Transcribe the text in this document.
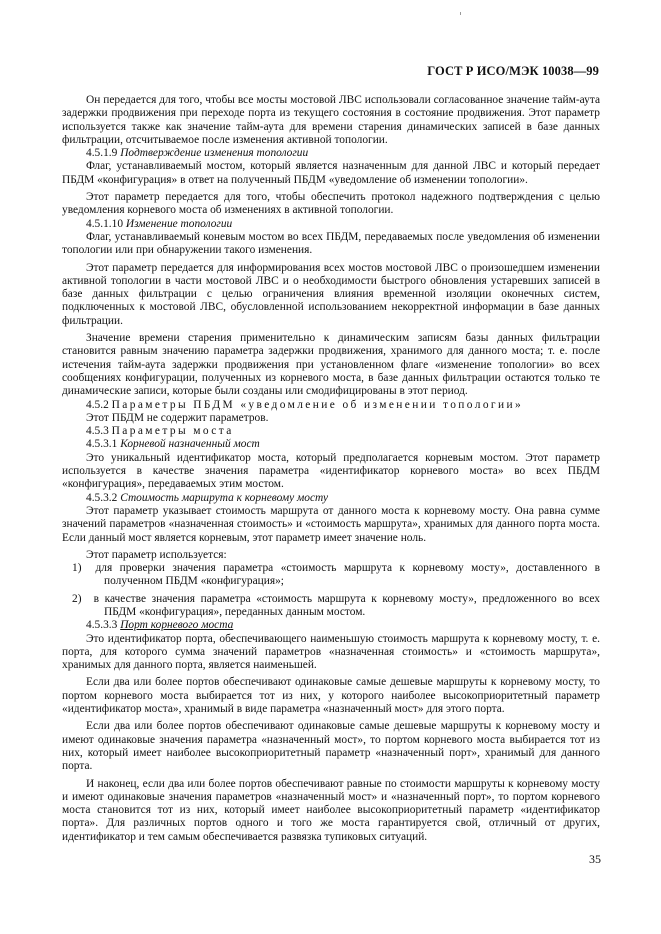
ГОСТ Р ИСО/МЭК 10038—99

Он передается для того, чтобы все мосты мостовой ЛВС использовали согласованное значение тайм-аута задержки продвижения при переходе порта из текущего состояния в состояние продвижения. Этот параметр используется также как значение тайм-аута для времени старения динамических записей в базе данных фильтрации, отсчитываемое после изменения активной топологии.

4.5.1.9 Подтверждение изменения топологии

Флаг, устанавливаемый мостом, который является назначенным для данной ЛВС и который передает ПБДМ «конфигурация» в ответ на полученный ПБДМ «уведомление об изменении топологии».

Этот параметр передается для того, чтобы обеспечить протокол надежного подтверждения с целью уведомления корневого моста об изменениях в активной топологии.

4.5.1.10 Изменение топологии

Флаг, устанавливаемый коневым мостом во всех ПБДМ, передаваемых после уведомления об изменении топологии или при обнаружении такого изменения.

Этот параметр передается для информирования всех мостов мостовой ЛВС о произошедшем изменении активной топологии в части мостовой ЛВС и о необходимости быстрого обновления устаревших записей в базе данных фильтрации с целью ограничения влияния временной изоляции оконечных систем, подключенных к мостовой ЛВС, обусловленной использованием некорректной информации в базе данных фильтрации.

Значение времени старения применительно к динамическим записям базы данных фильтрации становится равным значению параметра задержки продвижения, хранимого для данного моста; т. е. после истечения тайм-аута задержки продвижения при установленном флаге «изменение топологии» во всех сообщениях конфигурации, полученных из корневого моста, в базе данных фильтрации остаются только те динамические записи, которые были созданы или смодифицированы в этот период.

4.5.2 Параметры ПБДМ «уведомление об изменении топологии»

Этот ПБДМ не содержит параметров.

4.5.3 Параметры моста

4.5.3.1 Корневой назначенный мост

Это уникальный идентификатор моста, который предполагается корневым мостом. Этот параметр используется в качестве значения параметра «идентификатор корневого моста» во всех ПБДМ «конфигурация», передаваемых этим мостом.

4.5.3.2 Стоимость маршрута к корневому мосту

Этот параметр указывает стоимость маршрута от данного моста к корневому мосту. Она равна сумме значений параметров «назначенная стоимость» и «стоимость маршрута», хранимых для данного порта моста. Если данный мост является корневым, этот параметр имеет значение ноль.

Этот параметр используется:

1) для проверки значения параметра «стоимость маршрута к корневому мосту», доставленного в полученном ПБДМ «конфигурация»;

2) в качестве значения параметра «стоимость маршрута к корневому мосту», предложенного во всех ПБДМ «конфигурация», переданных данным мостом.

4.5.3.3 Порт корневого моста

Это идентификатор порта, обеспечивающего наименьшую стоимость маршрута к корневому мосту, т. е. порта, для которого сумма значений параметров «назначенная стоимость» и «стоимость маршрута», хранимых для данного порта, является наименьшей.

Если два или более портов обеспечивают одинаковые самые дешевые маршруты к корневому мосту, то портом корневого моста выбирается тот из них, у которого наиболее высокоприоритетный параметр «идентификатор моста», хранимый в виде параметра «назначенный мост» для этого порта.

Если два или более портов обеспечивают одинаковые самые дешевые маршруты к корневому мосту и имеют одинаковые значения параметра «назначенный мост», то портом корневого моста выбирается тот из них, который имеет наиболее высокоприоритетный параметр «назначенный порт», хранимый для данного порта.

И наконец, если два или более портов обеспечивают равные по стоимости маршруты к корневому мосту и имеют одинаковые значения параметров «назначенный мост» и «назначенный порт», то портом корневого моста становится тот из них, который имеет наиболее высокоприоритетный параметр «идентификатор порта». Для различных портов одного и того же моста гарантируется свой, отличный от других, идентификатор и тем самым обеспечивается развязка тупиковых ситуаций.

35
